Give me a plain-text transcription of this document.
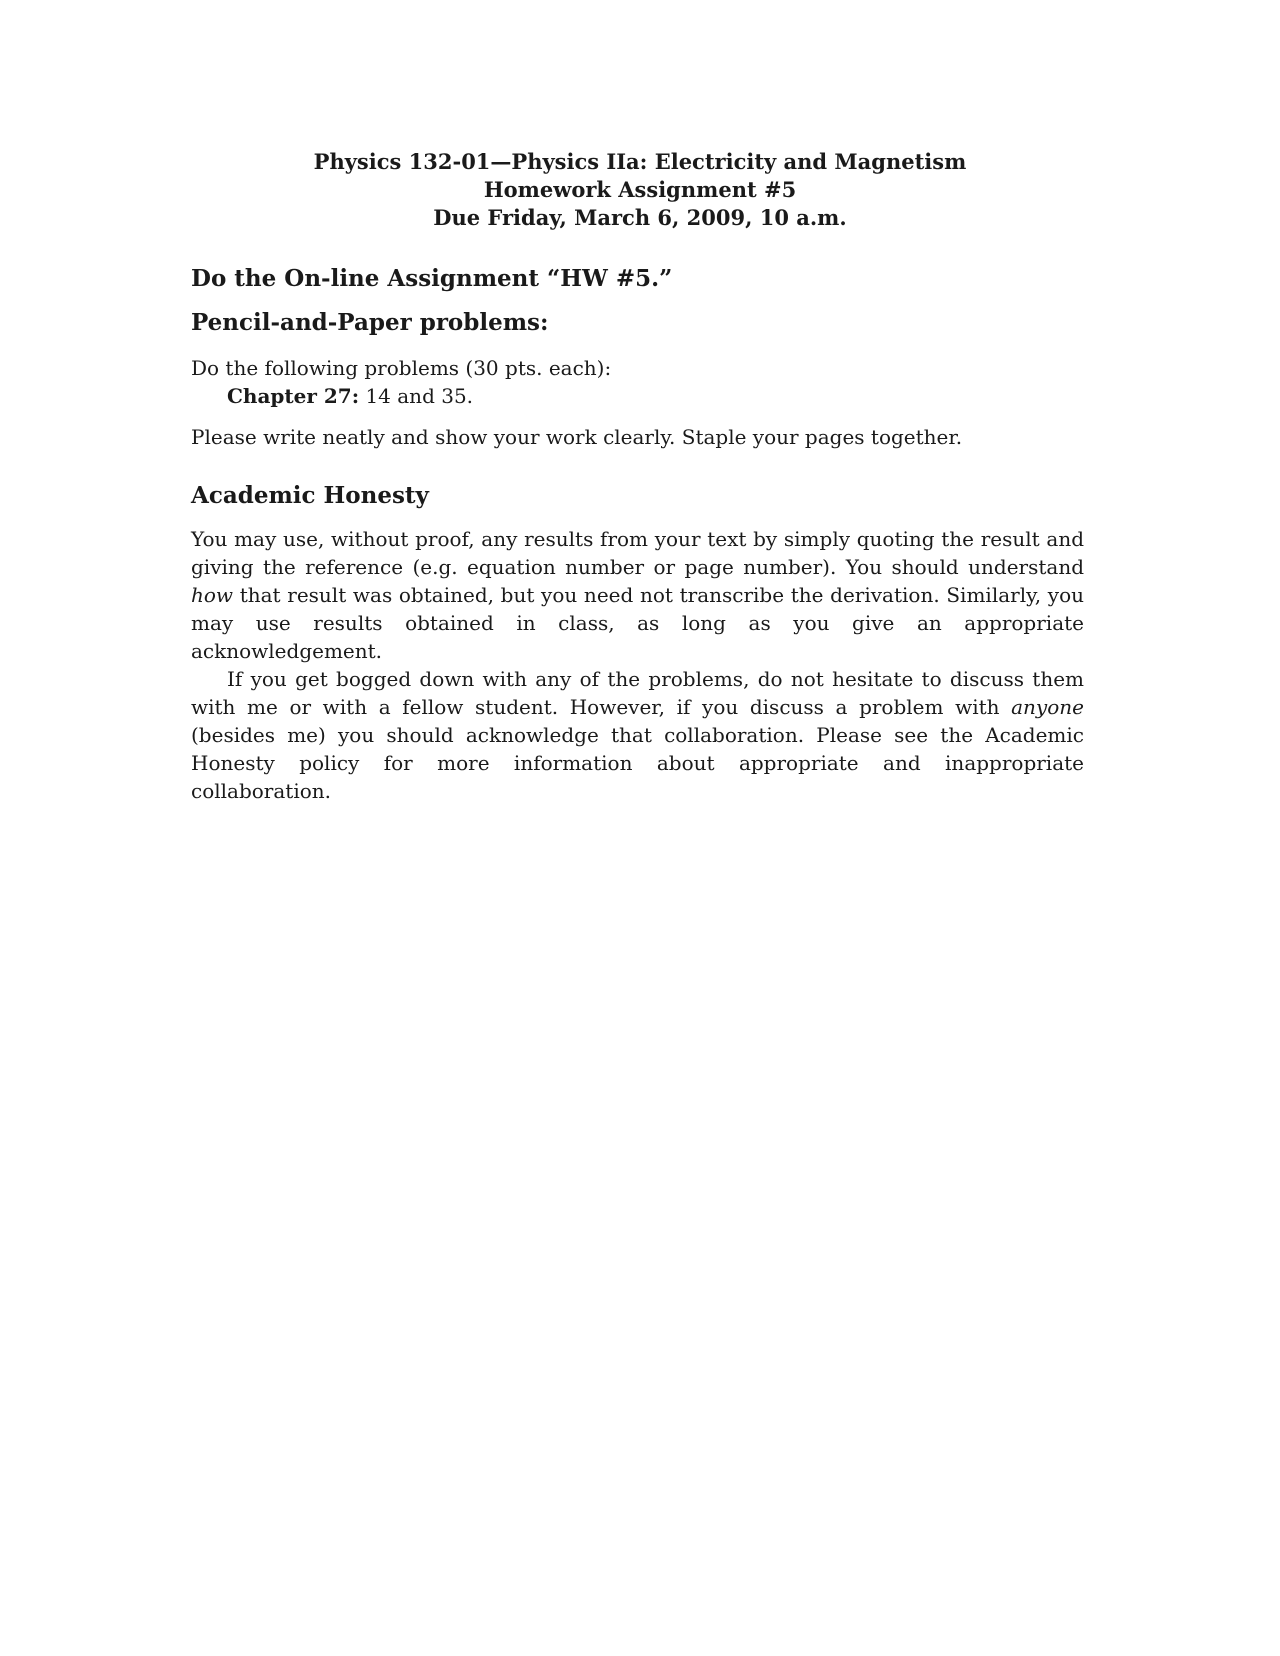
Physics 132-01—Physics IIa: Electricity and Magnetism
Homework Assignment #5
Due Friday, March 6, 2009, 10 a.m.
Do the On-line Assignment “HW #5.”
Pencil-and-Paper problems:
Do the following problems (30 pts. each):
Chapter 27: 14 and 35.
Please write neatly and show your work clearly. Staple your pages together.
Academic Honesty

You may use, without proof, any results from your text by simply quoting the result and giving the reference (e.g. equation number or page number). You should understand how that result was obtained, but you need not transcribe the derivation. Similarly, you may use results obtained in class, as long as you give an appropriate acknowledgement.

If you get bogged down with any of the problems, do not hesitate to discuss them with me or with a fellow student. However, if you discuss a problem with anyone (besides me) you should acknowledge that collaboration. Please see the Academic Honesty policy for more information about appropriate and inappropriate collaboration.
